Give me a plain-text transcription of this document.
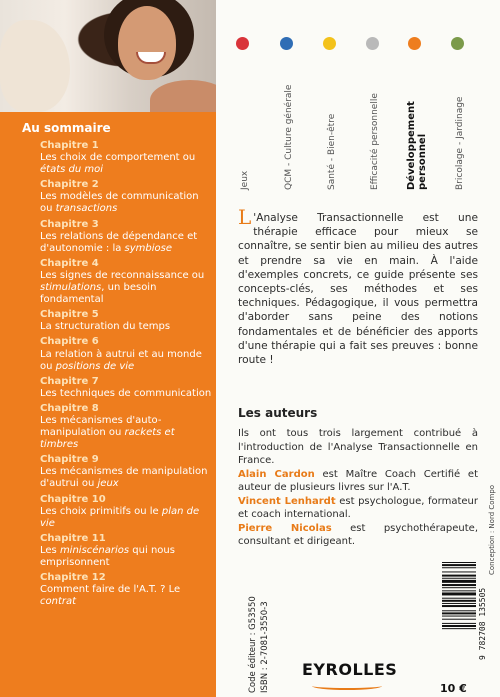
Au sommaire
Chapitre 1
Les choix de comportement ou états du moi
Chapitre 2
Les modèles de communication ou transactions
Chapitre 3
Les relations de dépendance et d'autonomie : la symbiose
Chapitre 4
Les signes de reconnaissance ou stimulations, un besoin fondamental
Chapitre 5
La structuration du temps
Chapitre 6
La relation à autrui et au monde ou positions de vie
Chapitre 7
Les techniques de communication
Chapitre 8
Les mécanismes d'auto-manipulation ou rackets et timbres
Chapitre 9
Les mécanismes de manipulation d'autrui ou jeux
Chapitre 10
Les choix primitifs ou le plan de vie
Chapitre 11
Les miniscénarios qui nous emprisonnent
Chapitre 12
Comment faire de l'A.T. ? Le contrat
Jeux	QCM - Culture générale	Santé - Bien-être	Efficacité personnelle	Développement personnel	Bricolage - Jardinage
L 'Analyse Transactionnelle est une thérapie efficace pour mieux se connaître, se sentir bien au milieu des autres et prendre sa vie en main. À l'aide d'exemples concrets, ce guide présente ses concepts-clés, ses méthodes et ses techniques. Pédagogique, il vous permettra d'aborder sans peine des notions fondamentales et de bénéficier des apports d'une thérapie qui a fait ses preuves : bonne route !
Les auteurs

Ils ont tous trois largement contribué à l'introduction de l'Analyse Transactionnelle en France.

Alain Cardon est Maître Coach Certifié et auteur de plusieurs livres sur l'A.T.

Vincent Lenhardt est psychologue, formateur et coach international.

Pierre Nicolas est psychothérapeute, consultant et dirigeant.	Conception : Nord Compo
Code éditeur : G53550 ISBN : 2-7081-3550-3 EYROLLES
9 782708 135505
10 €
